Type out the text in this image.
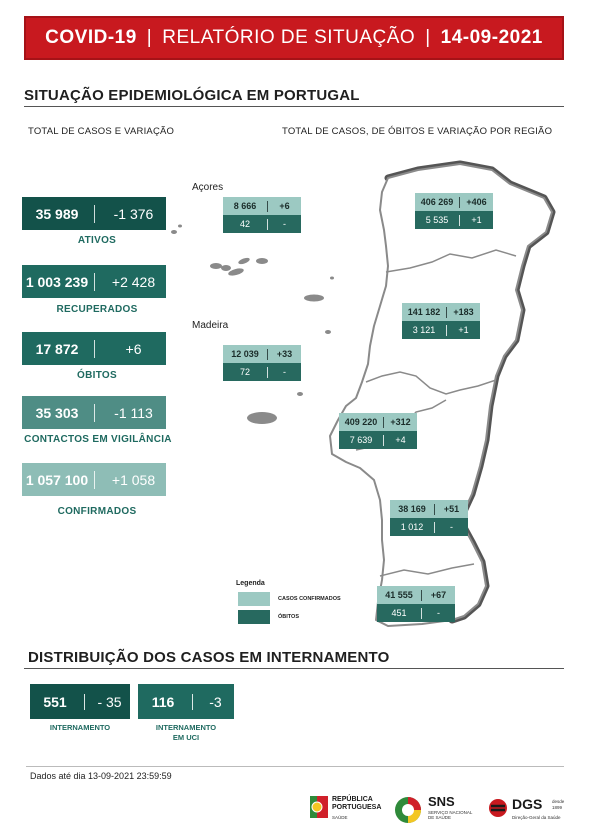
COVID-19 | RELATÓRIO DE SITUAÇÃO | 14-09-2021
SITUAÇÃO EPIDEMIOLÓGICA EM PORTUGAL
TOTAL DE CASOS E VARIAÇÃO	TOTAL DE CASOS, DE ÓBITOS E VARIAÇÃO POR REGIÃO
35 989	-1 376
ATIVOS
1 003 239	+2 428
RECUPERADOS
17 872	+6
ÓBITOS
35 303	-1 113
CONTACTOS EM VIGILÂNCIA
1 057 100	+1 058
CONFIRMADOS
Açores
Madeira
8 666	+6
42	-
406 269	+406
5 535	+1
141 182	+183
3 121	+1
12 039	+33
72	-
409 220	+312
7 639	+4
38 169	+51
1 012	-
41 555	+67
451	-
Legenda
CASOS CONFIRMADOS
ÓBITOS
DISTRIBUIÇÃO DOS CASOS EM INTERNAMENTO
551	- 35
INTERNAMENTO
116	-3
INTERNAMENTO
EM UCI
Dados até dia 13-09-2021 23:59:59
REPÚBLICA
PORTUGUESA
SAÚDE
SNS
SERVIÇO NACIONAL
DE SAÚDE
DGS desde
1899
Direção-Geral da Saúde
